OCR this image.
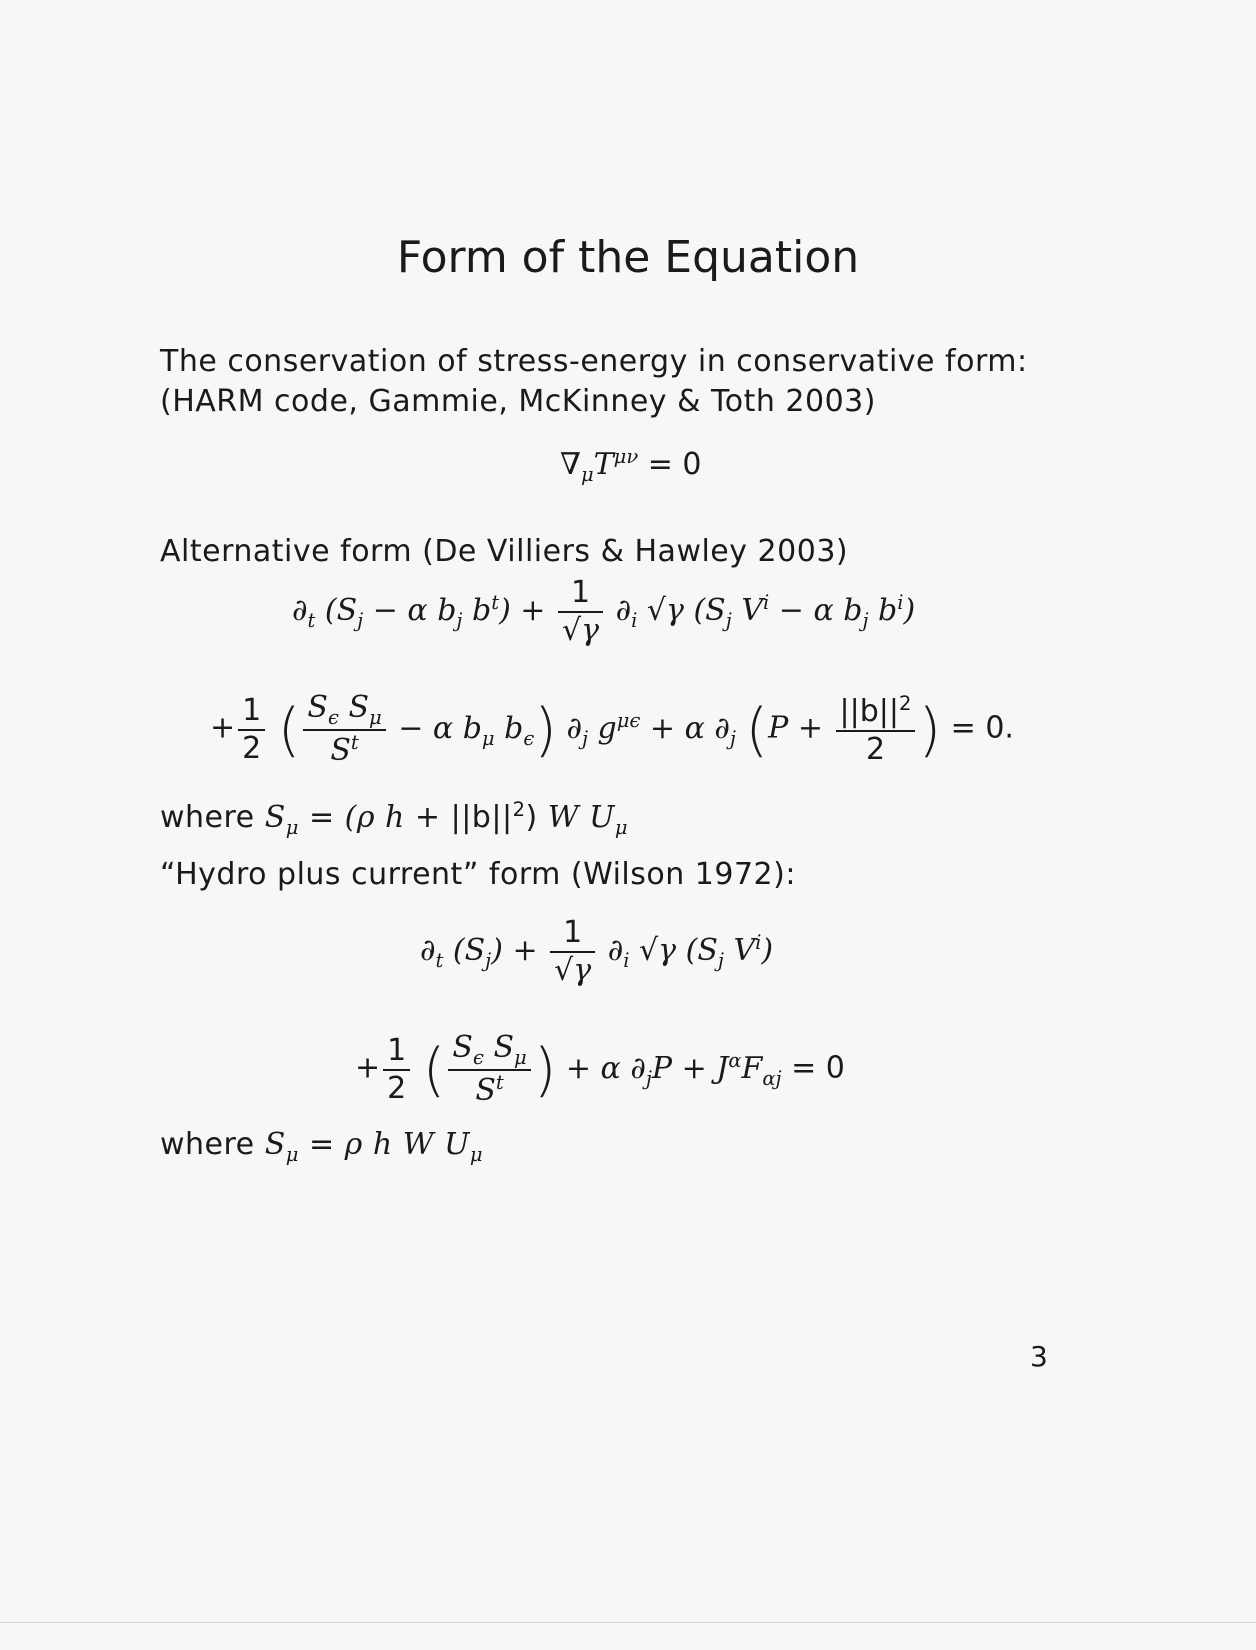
Form of the Equation
The conservation of stress-energy in conservative form:
(HARM code, Gammie, McKinney & Toth 2003)
$\nabla_\mu T^{\mu\nu} = 0$
Alternative form (De Villiers & Hawley 2003)
$\partial_t$ ($S_j - \alpha$ $b_j$ $b^t) + \frac{1}{√\gamma} \partial_i$ √γ ($S_j$ $V^i - \alpha$ $b_j$ $b^i$)
+ $\frac{1}{2}$ ( $\frac{S_\epsilon S_\mu}{S^t} - \alpha$ $b_\mu$ $b_\epsilon$) $\partial_j$ $g^{\mu\epsilon} + \alpha$ $\partial_j$ ($P + \frac{||b||^2}{2}$ ) = 0.
where $S_\mu = (\rho$ $h + ||b||^2$) W $U_\mu$
“Hydro plus current” form (Wilson 1972):
$\partial_t$ $(S_j) + \frac{1}{√\gamma} \partial_i$ √γ ($S_j$ $V^i$)
+ $\frac{1}{2}$ ( $\frac{S_\epsilon S_\mu}{S^t}$ ) + α $\partial_jP + J^\alpha F_{\alpha j} = 0$
where $S_\mu = \rho$ h W $U_\mu$
3
